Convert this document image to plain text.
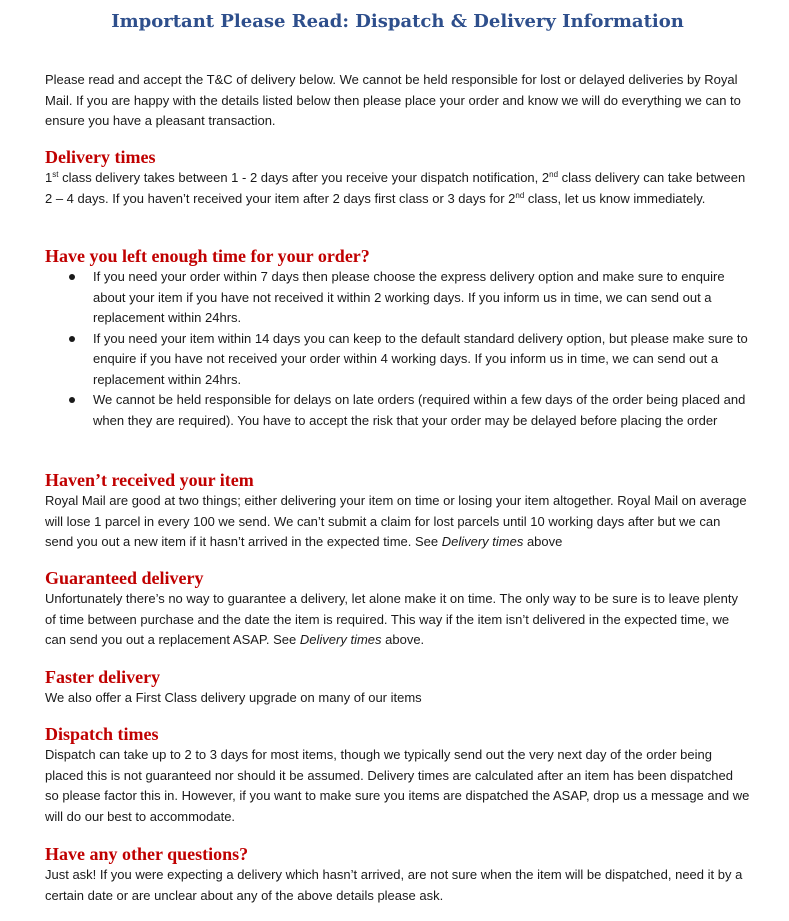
Important Please Read: Dispatch & Delivery Information

Please read and accept the T&C of delivery below. We cannot be held responsible for lost or delayed deliveries by Royal Mail. If you are happy with the details listed below then please place your order and know we will do everything we can to ensure you have a pleasant transaction.

Delivery times

1st class delivery takes between 1 - 2 days after you receive your dispatch notification, 2nd class delivery can take between 2 – 4 days. If you haven’t received your item after 2 days first class or 3 days for 2nd class, let us know immediately.

Have you left enough time for your order?
If you need your order within 7 days then please choose the express delivery option and make sure to enquire about your item if you have not received it within 2 working days. If you inform us in time, we can send out a replacement within 24hrs.
If you need your item within 14 days you can keep to the default standard delivery option, but please make sure to enquire if you have not received your order within 4 working days. If you inform us in time, we can send out a replacement within 24hrs.
We cannot be held responsible for delays on late orders (required within a few days of the order being placed and when they are required). You have to accept the risk that your order may be delayed before placing the order
Haven’t received your item

Royal Mail are good at two things; either delivering your item on time or losing your item altogether. Royal Mail on average will lose 1 parcel in every 100 we send. We can’t submit a claim for lost parcels until 10 working days after but we can send you out a new item if it hasn’t arrived in the expected time. See Delivery times above

Guaranteed delivery

Unfortunately there’s no way to guarantee a delivery, let alone make it on time. The only way to be sure is to leave plenty of time between purchase and the date the item is required. This way if the item isn’t delivered in the expected time, we can send you out a replacement ASAP. See Delivery times above.

Faster delivery

We also offer a First Class delivery upgrade on many of our items

Dispatch times

Dispatch can take up to 2 to 3 days for most items, though we typically send out the very next day of the order being placed this is not guaranteed nor should it be assumed. Delivery times are calculated after an item has been dispatched so please factor this in. However, if you want to make sure you items are dispatched the ASAP, drop us a message and we will do our best to accommodate.

Have any other questions?

Just ask! If you were expecting a delivery which hasn’t arrived, are not sure when the item will be dispatched, need it by a certain date or are unclear about any of the above details please ask.
